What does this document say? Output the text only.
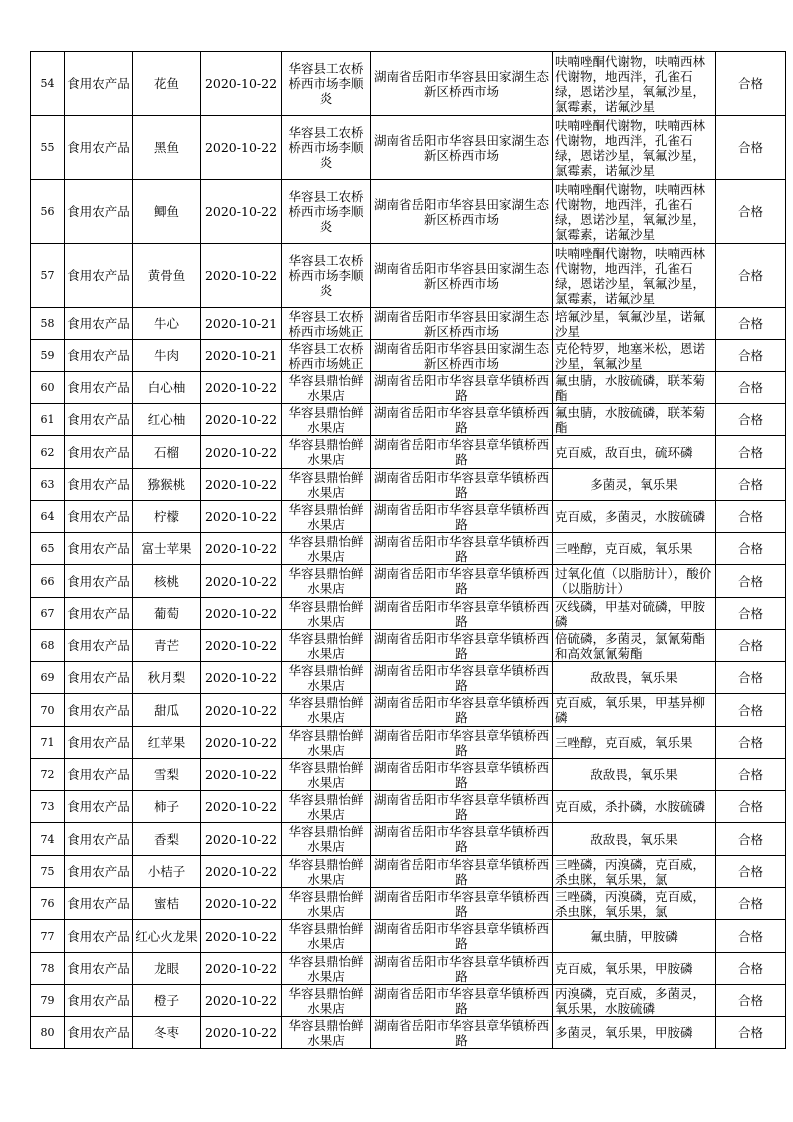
54	食用农产品	花鱼	2020-10-22	华容县工农桥桥西市场李顺炎	湖南省岳阳市华容县田家湖生态新区桥西市场	呋喃唑酮代谢物，呋喃西林代谢物，地西泮，孔雀石绿，恩诺沙星，氧氟沙星，氯霉素，诺氟沙星	合格

55	食用农产品	黑鱼	2020-10-22	华容县工农桥桥西市场李顺炎	湖南省岳阳市华容县田家湖生态新区桥西市场	呋喃唑酮代谢物，呋喃西林代谢物，地西泮，孔雀石绿，恩诺沙星，氧氟沙星，氯霉素，诺氟沙星	合格

56	食用农产品	鲫鱼	2020-10-22	华容县工农桥桥西市场李顺炎	湖南省岳阳市华容县田家湖生态新区桥西市场	呋喃唑酮代谢物，呋喃西林代谢物，地西泮，孔雀石绿，恩诺沙星，氧氟沙星，氯霉素，诺氟沙星	合格

57	食用农产品	黄骨鱼	2020-10-22	华容县工农桥桥西市场李顺炎	湖南省岳阳市华容县田家湖生态新区桥西市场	呋喃唑酮代谢物，呋喃西林代谢物，地西泮，孔雀石绿，恩诺沙星，氧氟沙星，氯霉素，诺氟沙星	合格

58	食用农产品	牛心	2020-10-21	华容县工农桥桥西市场姚正	湖南省岳阳市华容县田家湖生态新区桥西市场	培氟沙星，氧氟沙星，诺氟沙星	合格

59	食用农产品	牛肉	2020-10-21	华容县工农桥桥西市场姚正	湖南省岳阳市华容县田家湖生态新区桥西市场	克伦特罗，地塞米松，恩诺沙星，氧氟沙星	合格

60	食用农产品	白心柚	2020-10-22	华容县鼎怡鲜水果店	湖南省岳阳市华容县章华镇桥西路	氟虫腈，水胺硫磷，联苯菊酯	合格

61	食用农产品	红心柚	2020-10-22	华容县鼎怡鲜水果店	湖南省岳阳市华容县章华镇桥西路	氟虫腈，水胺硫磷，联苯菊酯	合格

62	食用农产品	石榴	2020-10-22	华容县鼎怡鲜水果店	湖南省岳阳市华容县章华镇桥西路	克百威，敌百虫，硫环磷	合格

63	食用农产品	猕猴桃	2020-10-22	华容县鼎怡鲜水果店	湖南省岳阳市华容县章华镇桥西路	多菌灵，氧乐果	合格

64	食用农产品	柠檬	2020-10-22	华容县鼎怡鲜水果店	湖南省岳阳市华容县章华镇桥西路	克百威，多菌灵，水胺硫磷	合格

65	食用农产品	富士苹果	2020-10-22	华容县鼎怡鲜水果店	湖南省岳阳市华容县章华镇桥西路	三唑醇，克百威，氧乐果	合格

66	食用农产品	核桃	2020-10-22	华容县鼎怡鲜水果店	湖南省岳阳市华容县章华镇桥西路	过氧化值（以脂肪计），酸价（以脂肪计）	合格

67	食用农产品	葡萄	2020-10-22	华容县鼎怡鲜水果店	湖南省岳阳市华容县章华镇桥西路	灭线磷，甲基对硫磷，甲胺磷	合格

68	食用农产品	青芒	2020-10-22	华容县鼎怡鲜水果店	湖南省岳阳市华容县章华镇桥西路	倍硫磷，多菌灵，氯氰菊酯和高效氯氰菊酯	合格

69	食用农产品	秋月梨	2020-10-22	华容县鼎怡鲜水果店	湖南省岳阳市华容县章华镇桥西路	敌敌畏，氧乐果	合格

70	食用农产品	甜瓜	2020-10-22	华容县鼎怡鲜水果店	湖南省岳阳市华容县章华镇桥西路	克百威，氧乐果，甲基异柳磷	合格

71	食用农产品	红苹果	2020-10-22	华容县鼎怡鲜水果店	湖南省岳阳市华容县章华镇桥西路	三唑醇，克百威，氧乐果	合格

72	食用农产品	雪梨	2020-10-22	华容县鼎怡鲜水果店	湖南省岳阳市华容县章华镇桥西路	敌敌畏，氧乐果	合格

73	食用农产品	柿子	2020-10-22	华容县鼎怡鲜水果店	湖南省岳阳市华容县章华镇桥西路	克百威，杀扑磷，水胺硫磷	合格

74	食用农产品	香梨	2020-10-22	华容县鼎怡鲜水果店	湖南省岳阳市华容县章华镇桥西路	敌敌畏，氧乐果	合格

75	食用农产品	小桔子	2020-10-22	华容县鼎怡鲜水果店	湖南省岳阳市华容县章华镇桥西路	三唑磷，丙溴磷，克百威，杀虫脒，氧乐果，氯	合格

76	食用农产品	蜜桔	2020-10-22	华容县鼎怡鲜水果店	湖南省岳阳市华容县章华镇桥西路	三唑磷，丙溴磷，克百威，杀虫脒，氧乐果，氯	合格

77	食用农产品	红心火龙果	2020-10-22	华容县鼎怡鲜水果店	湖南省岳阳市华容县章华镇桥西路	氟虫腈，甲胺磷	合格

78	食用农产品	龙眼	2020-10-22	华容县鼎怡鲜水果店	湖南省岳阳市华容县章华镇桥西路	克百威，氧乐果，甲胺磷	合格

79	食用农产品	橙子	2020-10-22	华容县鼎怡鲜水果店	湖南省岳阳市华容县章华镇桥西路	丙溴磷，克百威，多菌灵，氧乐果，水胺硫磷	合格

80	食用农产品	冬枣	2020-10-22	华容县鼎怡鲜水果店	湖南省岳阳市华容县章华镇桥西路	多菌灵，氧乐果，甲胺磷	合格
